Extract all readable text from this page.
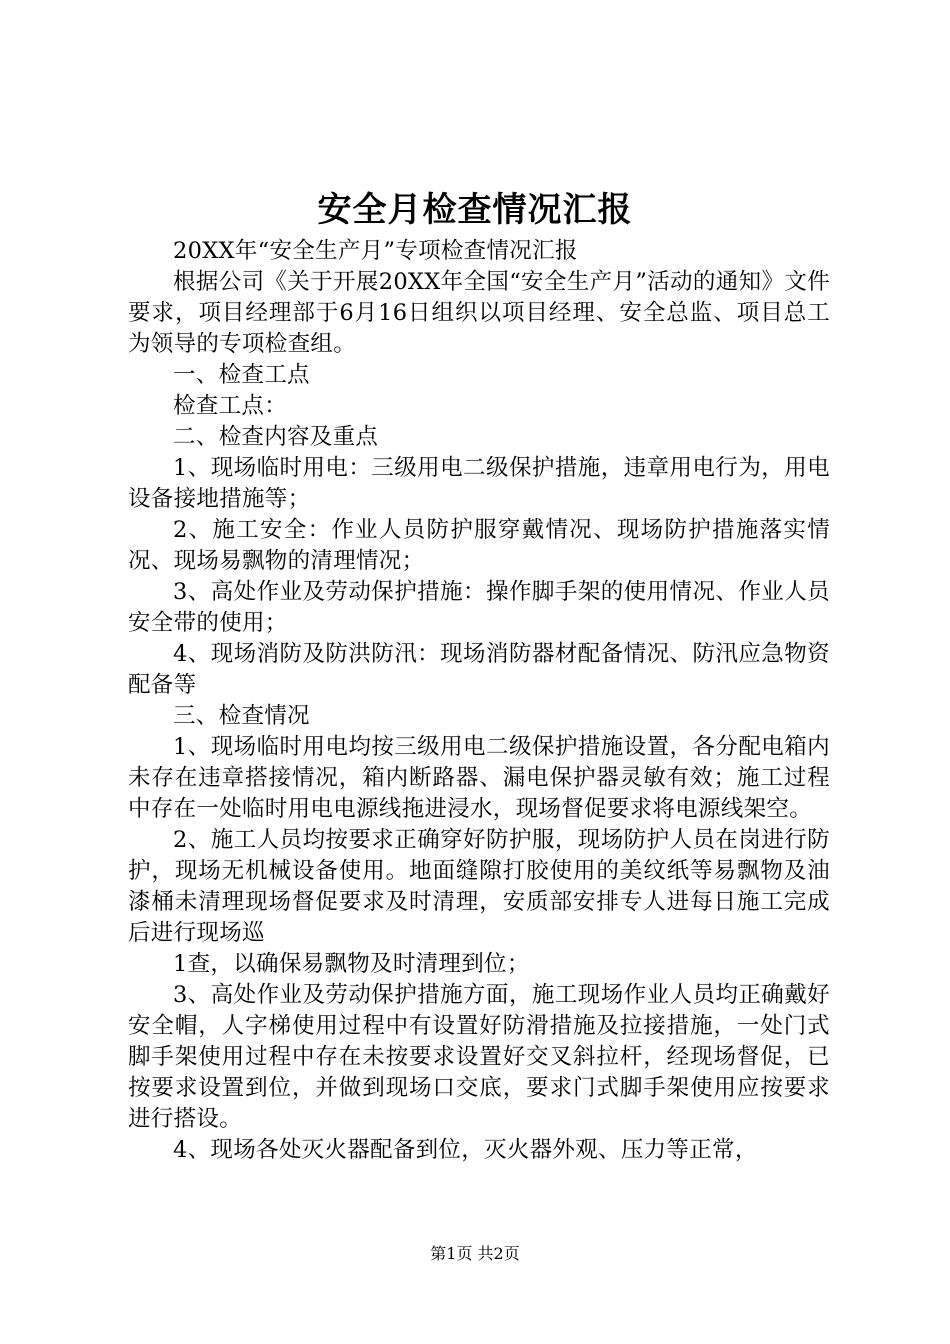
安全月检查情况汇报

20XX年“安全生产月”专项检查情况汇报

根据公司《关于开展20XX年全国“安全生产月”活动的通知》文件要求，项目经理部于6月16日组织以项目经理、安全总监、项目总工为领导的专项检查组。

一、检查工点

检查工点：

二、检查内容及重点

1、现场临时用电：三级用电二级保护措施，违章用电行为，用电设备接地措施等；

2、施工安全：作业人员防护服穿戴情况、现场防护措施落实情况、现场易飘物的清理情况；

3、高处作业及劳动保护措施：操作脚手架的使用情况、作业人员安全带的使用；

4、现场消防及防洪防汛：现场消防器材配备情况、防汛应急物资配备等

三、检查情况

1、现场临时用电均按三级用电二级保护措施设置，各分配电箱内未存在违章搭接情况，箱内断路器、漏电保护器灵敏有效；施工过程中存在一处临时用电电源线拖进浸水，现场督促要求将电源线架空。

2、施工人员均按要求正确穿好防护服，现场防护人员在岗进行防护，现场无机械设备使用。地面缝隙打胶使用的美纹纸等易飘物及油漆桶未清理现场督促要求及时清理，安质部安排专人进每日施工完成后进行现场巡

1查，以确保易飘物及时清理到位；

3、高处作业及劳动保护措施方面，施工现场作业人员均正确戴好安全帽，人字梯使用过程中有设置好防滑措施及拉接措施，一处门式脚手架使用过程中存在未按要求设置好交叉斜拉杆，经现场督促，已按要求设置到位，并做到现场口交底，要求门式脚手架使用应按要求进行搭设。

4、现场各处灭火器配备到位，灭火器外观、压力等正常，

第1页 共2页
